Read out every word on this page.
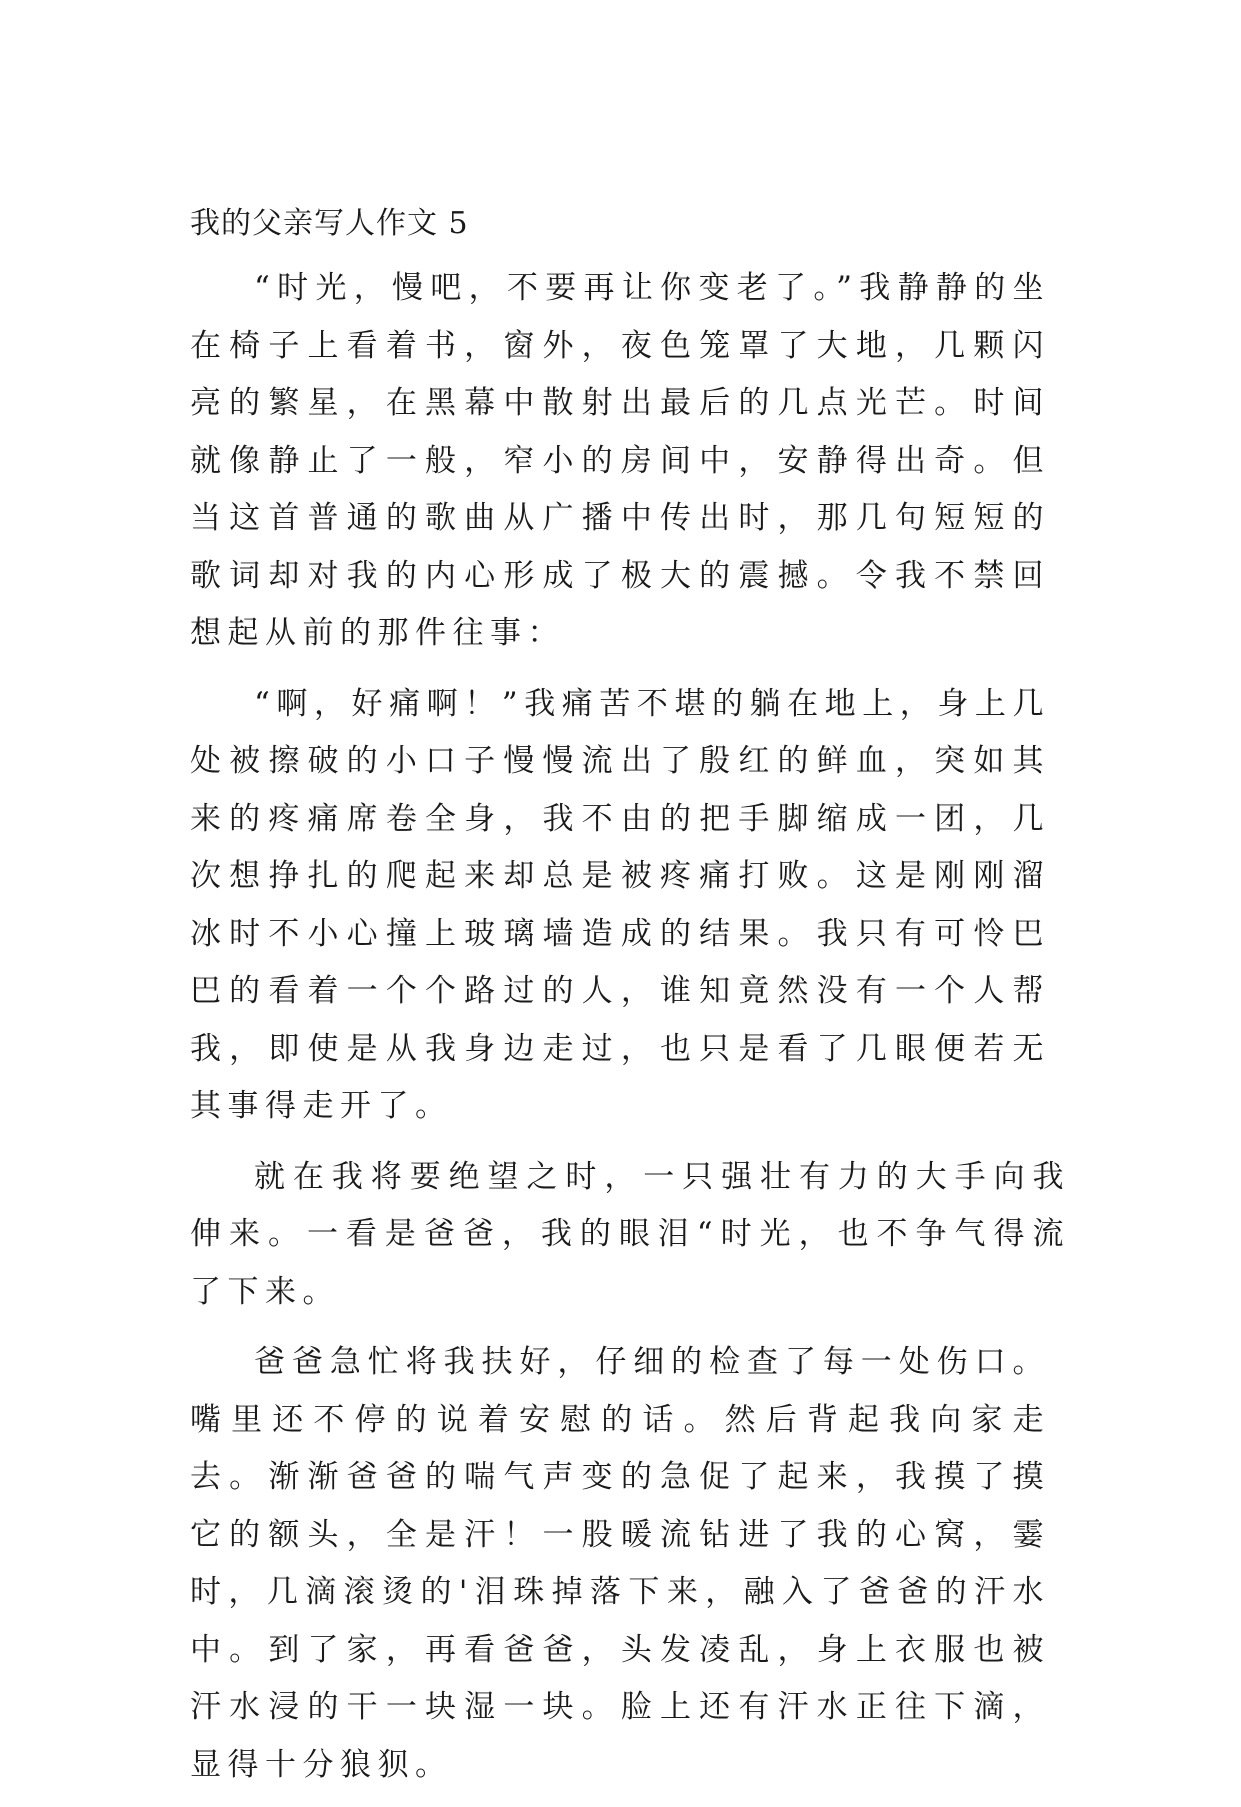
我的父亲写人作文 5

“时光，慢吧，不要再让你变老了。”我静静的坐在椅子上看着书，窗外，夜色笼罩了大地，几颗闪亮的繁星，在黑幕中散射出最后的几点光芒。时间就像静止了一般，窄小的房间中，安静得出奇。但当这首普通的歌曲从广播中传出时，那几句短短的歌词却对我的内心形成了极大的震撼。令我不禁回想起从前的那件往事：

“啊，好痛啊！”我痛苦不堪的躺在地上，身上几处被擦破的小口子慢慢流出了殷红的鲜血，突如其来的疼痛席卷全身，我不由的把手脚缩成一团，几次想挣扎的爬起来却总是被疼痛打败。这是刚刚溜冰时不小心撞上玻璃墙造成的结果。我只有可怜巴巴的看着一个个路过的人，谁知竟然没有一个人帮我，即使是从我身边走过，也只是看了几眼便若无其事得走开了。

就在我将要绝望之时，一只强壮有力的大手向我伸来。一看是爸爸，我的眼泪“时光，也不争气得流了下来。

爸爸急忙将我扶好，仔细的检查了每一处伤口。嘴里还不停的说着安慰的话。然后背起我向家走去。渐渐爸爸的喘气声变的急促了起来，我摸了摸它的额头，全是汗！一股暖流钻进了我的心窝，霎时，几滴滚烫的'泪珠掉落下来，融入了爸爸的汗水中。到了家，再看爸爸，头发凌乱，身上衣服也被汗水浸的干一块湿一块。脸上还有汗水正往下滴，显得十分狼狈。
